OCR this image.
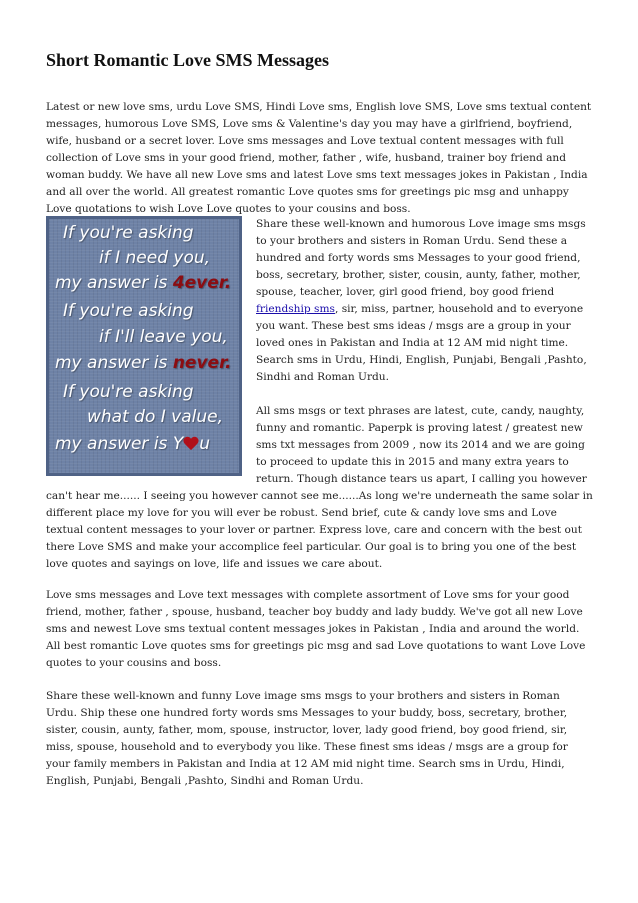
Short Romantic Love SMS Messages

Latest or new love sms, urdu Love SMS, Hindi Love sms, English love SMS, Love sms textual content messages, humorous Love SMS, Love sms & Valentine's day you may have a girlfriend, boyfriend, wife, husband or a secret lover. Love sms messages and Love textual content messages with full collection of Love sms in your good friend, mother, father , wife, husband, trainer boy friend and woman buddy. We have all new Love sms and latest Love sms text messages jokes in Pakistan , India and all over the world. All greatest romantic Love quotes sms for greetings pic msg and unhappy Love quotations to wish Love Love quotes to your cousins and boss.

If you're asking
if I need you,
my answer is 4ever.
If you're asking
if I'll leave you,
my answer is never.
If you're asking
what do I value,
my answer is Y u

Share these well-known and humorous Love image sms msgs to your brothers and sisters in Roman Urdu. Send these a hundred and forty words sms Messages to your good friend, boss, secretary, brother, sister, cousin, aunty, father, mother, spouse, teacher, lover, girl good friend, boy good friend friendship sms, sir, miss, partner, household and to everyone you want. These best sms ideas / msgs are a group in your loved ones in Pakistan and India at 12 AM mid night time. Search sms in Urdu, Hindi, English, Punjabi, Bengali ,Pashto, Sindhi and Roman Urdu.

All sms msgs or text phrases are latest, cute, candy, naughty, funny and romantic. Paperpk is proving latest / greatest new sms txt messages from 2009 , now its 2014 and we are going to proceed to update this in 2015 and many extra years to return. Though distance tears us apart, I calling you however can't hear me...... I seeing you however cannot see me......As long we're underneath the same solar in different place my love for you will ever be robust. Send brief, cute & candy love sms and Love textual content messages to your lover or partner. Express love, care and concern with the best out there Love SMS and make your accomplice feel particular. Our goal is to bring you one of the best love quotes and sayings on love, life and issues we care about.

Love sms messages and Love text messages with complete assortment of Love sms for your good friend, mother, father , spouse, husband, teacher boy buddy and lady buddy. We've got all new Love sms and newest Love sms textual content messages jokes in Pakistan , India and around the world. All best romantic Love quotes sms for greetings pic msg and sad Love quotations to want Love Love quotes to your cousins and boss.

Share these well-known and funny Love image sms msgs to your brothers and sisters in Roman Urdu. Ship these one hundred forty words sms Messages to your buddy, boss, secretary, brother, sister, cousin, aunty, father, mom, spouse, instructor, lover, lady good friend, boy good friend, sir, miss, spouse, household and to everybody you like. These finest sms ideas / msgs are a group for your family members in Pakistan and India at 12 AM mid night time. Search sms in Urdu, Hindi, English, Punjabi, Bengali ,Pashto, Sindhi and Roman Urdu.
